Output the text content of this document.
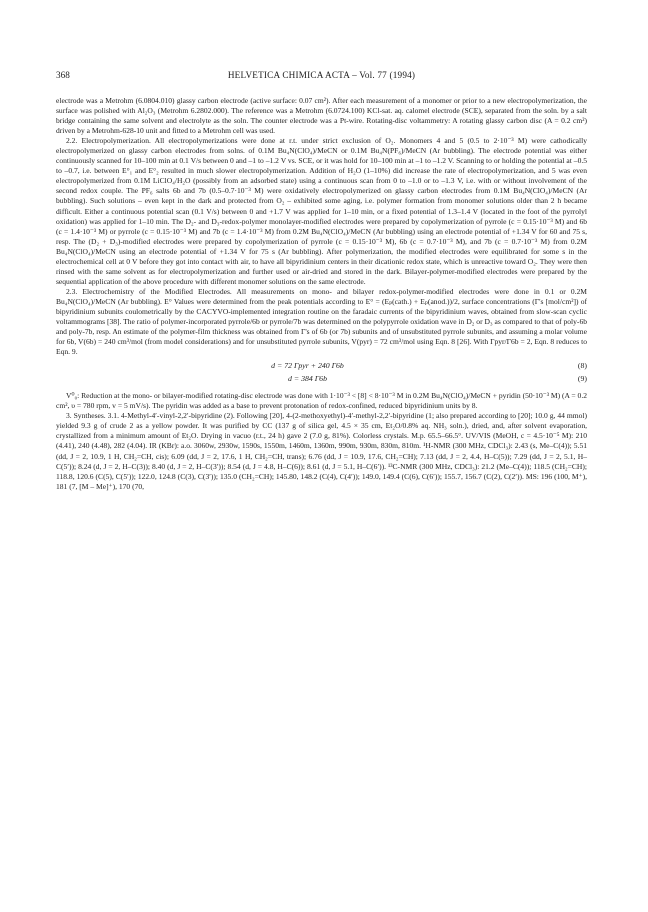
368	HELVETICA CHIMICA ACTA – Vol. 77 (1994)

electrode was a Metrohm (6.0804.010) glassy carbon electrode (active surface: 0.07 cm²). After each measurement of a monomer or prior to a new electropolymerization, the surface was polished with Al₂O₃ (Metrohm 6.2802.000). The reference was a Metrohm (6.0724.100) KCl-sat. aq. calomel electrode (SCE), separated from the soln. by a salt bridge containing the same solvent and electrolyte as the soln. The counter electrode was a Pt-wire. Rotating-disc voltammetry: A rotating glassy carbon disc (A = 0.2 cm²) driven by a Metrohm-628-10 unit and fitted to a Metrohm cell was used.

2.2. Electropolymerization. All electropolymerizations were done at r.t. under strict exclusion of O₂. Monomers 4 and 5 (0.5 to 2·10⁻³ M) were cathodically electropolymerized on glassy carbon electrodes from solns. of 0.1M Bu₄N(ClO₄)/MeCN or 0.1M Bu₄N(PF₆)/MeCN (Ar bubbling). The electrode potential was either continuously scanned for 10–100 min at 0.1 V/s between 0 and –1 to –1.2 V vs. SCE, or it was hold for 10–100 min at –1 to –1.2 V. Scanning to or holding the potential at –0.5 to –0.7, i.e. between E°₁ and E°₂ resulted in much slower electropolymerization. Addition of H₂O (1–10%) did increase the rate of electropolymerization, and 5 was even electropolymerized from 0.1M LiClO₄/H₂O (possibly from an adsorbed state) using a continuous scan from 0 to –1.0 or to –1.3 V, i.e. with or without involvement of the second redox couple. The PF₆ salts 6b and 7b (0.5–0.7·10⁻³ M) were oxidatively electropolymerized on glassy carbon electrodes from 0.1M Bu₄N(ClO₄)/MeCN (Ar bubbling). Such solutions – even kept in the dark and protected from O₂ – exhibited some aging, i.e. polymer formation from monomer solutions older than 2 h became difficult. Either a continuous potential scan (0.1 V/s) between 0 and +1.7 V was applied for 1–10 min, or a fixed potential of 1.3–1.4 V (located in the foot of the pyrrolyl oxidation) was applied for 1–10 min. The D₂- and D₃-redox-polymer monolayer-modified electrodes were prepared by copolymerization of pyrrole (c = 0.15·10⁻³ M) and 6b (c = 1.4·10⁻³ M) or pyrrole (c = 0.15·10⁻³ M) and 7b (c = 1.4·10⁻³ M) from 0.2M Bu₄N(ClO₄)/MeCN (Ar bubbling) using an electrode potential of +1.34 V for 60 and 75 s, resp. The (D₂ + D₃)-modified electrodes were prepared by copolymerization of pyrrole (c = 0.15·10⁻³ M), 6b (c = 0.7·10⁻³ M), and 7b (c = 0.7·10⁻³ M) from 0.2M Bu₄N(ClO₄)/MeCN using an electrode potential of +1.34 V for 75 s (Ar bubbling). After polymerization, the modified electrodes were equilibrated for some s in the electrochemical cell at 0 V before they got into contact with air, to have all bipyridinium centers in their dicationic redox state, which is unreactive toward O₂. They were then rinsed with the same solvent as for electropolymerization and further used or air-dried and stored in the dark. Bilayer-polymer-modified electrodes were prepared by the sequential application of the above procedure with different monomer solutions on the same electrode.

2.3. Electrochemistry of the Modified Electrodes. All measurements on mono- and bilayer redox-polymer-modified electrodes were done in 0.1 or 0.2M Bu₄N(ClO₄)/MeCN (Ar bubbling). E° Values were determined from the peak potentials according to E° = (Eₚ(cath.) + Eₚ(anod.))/2, surface concentrations (Γ's [mol/cm²]) of bipyridinium subunits coulometrically by the CACYVO-implemented integration routine on the faradaic currents of the bipyridinium waves, obtained from slow-scan cyclic voltammograms [38]. The ratio of polymer-incorporated pyrrole/6b or pyrrole/7b was determined on the polypyrrole oxidation wave in D₂ or D₃ as compared to that of poly-6b and poly-7b, resp. An estimate of the polymer-film thickness was obtained from Γ's of 6b (or 7b) subunits and of unsubstituted pyrrole subunits, and assuming a molar volume for 6b, V(6b) = 240 cm³/mol (from model considerations) and for unsubstituted pyrrole subunits, V(pyr) = 72 cm³/mol using Eqn. 8 [26]. With Γpyr/Γ6b = 2, Eqn. 8 reduces to Eqn. 9.

d = 72 Γpyr + 240 Γ6b	(8)
d = 384 Γ6b	(9)

V⁰₀: Reduction at the mono- or bilayer-modified rotating-disc electrode was done with 1·10⁻³ < [8] < 8·10⁻³ M in 0.2M Bu₄N(ClO₄)/MeCN + pyridin (50·10⁻³ M) (A = 0.2 cm², υ = 780 rpm, v = 5 mV/s). The pyridin was added as a base to prevent protonation of redox-confined, reduced bipyridinium units by 8.

3. Syntheses. 3.1. 4-Methyl-4′-vinyl-2,2′-bipyridine (2). Following [20], 4-(2-methoxyethyl)-4′-methyl-2,2′-bipyridine (1; also prepared according to [20]; 10.0 g, 44 mmol) yielded 9.3 g of crude 2 as a yellow powder. It was purified by CC (137 g of silica gel, 4.5 × 35 cm, Et₂O/0.8% aq. NH₃ soln.), dried, and, after solvent evaporation, crystallized from a minimum amount of Et₂O. Drying in vacuo (r.t., 24 h) gave 2 (7.0 g, 81%). Colorless crystals. M.p. 65.5–66.5°. UV/VIS (MeOH, c = 4.5·10⁻⁵ M): 210 (4.41), 240 (4.48), 282 (4.04). IR (KBr): a.o. 3060w, 2930w, 1590s, 1550m, 1460m, 1360m, 990m, 930m, 830m, 810m. ¹H-NMR (300 MHz, CDCl₃): 2.43 (s, Me–C(4)); 5.51 (dd, J = 2, 10.9, 1 H, CH₂=CH, cis); 6.09 (dd, J = 2, 17.6, 1 H, CH₂=CH, trans); 6.76 (dd, J = 10.9, 17.6, CH₂=CH); 7.13 (dd, J = 2, 4.4, H–C(5)); 7.29 (dd, J = 2, 5.1, H–C(5′)); 8.24 (d, J = 2, H–C(3)); 8.40 (d, J = 2, H–C(3′)); 8.54 (d, J = 4.8, H–C(6)); 8.61 (d, J = 5.1, H–C(6′)). ¹³C-NMR (300 MHz, CDCl₃): 21.2 (Me–C(4)); 118.5 (CH₂=CH); 118.8, 120.6 (C(5), C(5′)); 122.0, 124.8 (C(3), C(3′)); 135.0 (CH₂=CH); 145.80, 148.2 (C(4), C(4′)); 149.0, 149.4 (C(6), C(6′)); 155.7, 156.7 (C(2), C(2′)). MS: 196 (100, M⁺), 181 (7, [M – Me]⁺), 170 (70,
